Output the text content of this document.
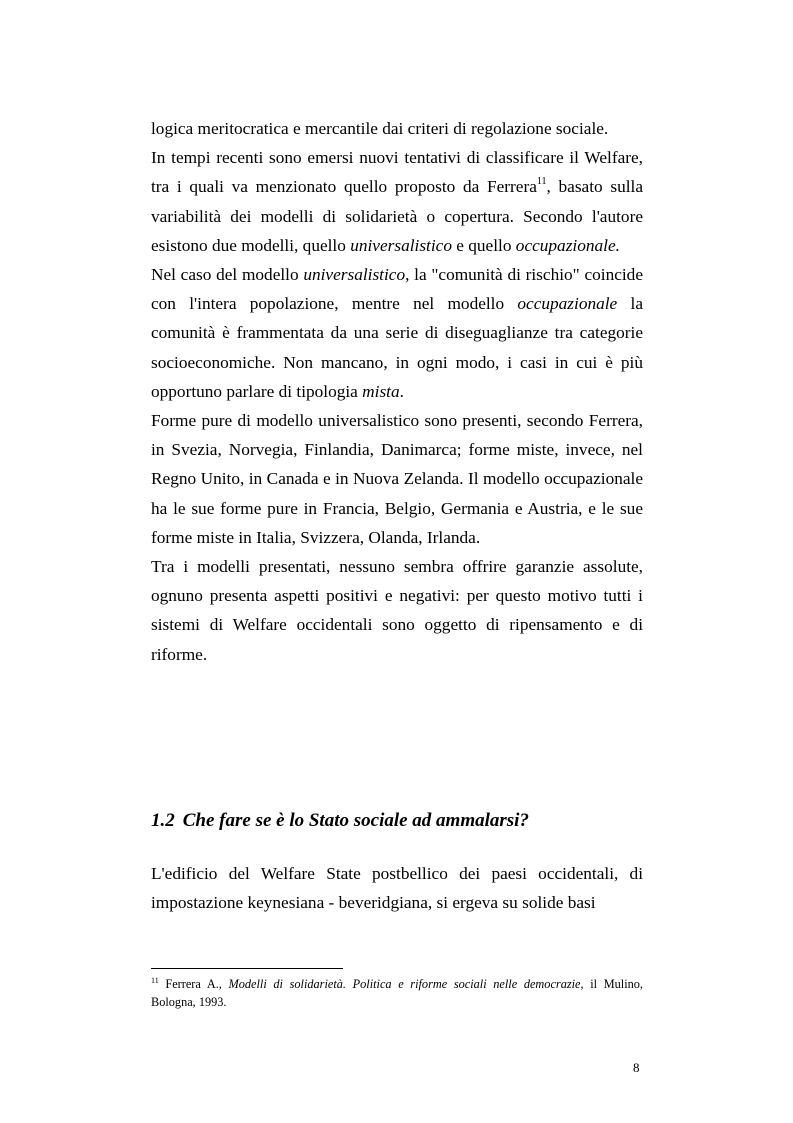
logica meritocratica e mercantile dai criteri di regolazione sociale.

In tempi recenti sono emersi nuovi tentativi di classificare il Welfare, tra i quali va menzionato quello proposto da Ferrera$^{11}$, basato sulla variabilità dei modelli di solidarietà o copertura. Secondo l'autore esistono due modelli, quello universalistico e quello occupazionale.

Nel caso del modello universalistico, la "comunità di rischio" coincide con l'intera popolazione, mentre nel modello occupazionale la comunità è frammentata da una serie di diseguaglianze tra categorie socioeconomiche. Non mancano, in ogni modo, i casi in cui è più opportuno parlare di tipologia mista.

Forme pure di modello universalistico sono presenti, secondo Ferrera, in Svezia, Norvegia, Finlandia, Danimarca; forme miste, invece, nel Regno Unito, in Canada e in Nuova Zelanda. Il modello occupazionale ha le sue forme pure in Francia, Belgio, Germania e Austria, e le sue forme miste in Italia, Svizzera, Olanda, Irlanda.

Tra i modelli presentati, nessuno sembra offrire garanzie assolute, ognuno presenta aspetti positivi e negativi: per questo motivo tutti i sistemi di Welfare occidentali sono oggetto di ripensamento e di riforme.

1.2 Che fare se è lo Stato sociale ad ammalarsi?

L'edificio del Welfare State postbellico dei paesi occidentali, di impostazione keynesiana - beveridgiana, si ergeva su solide basi

$^{11}$ Ferrera A., Modelli di solidarietà. Politica e riforme sociali nelle democrazie, il Mulino, Bologna, 1993.

8
